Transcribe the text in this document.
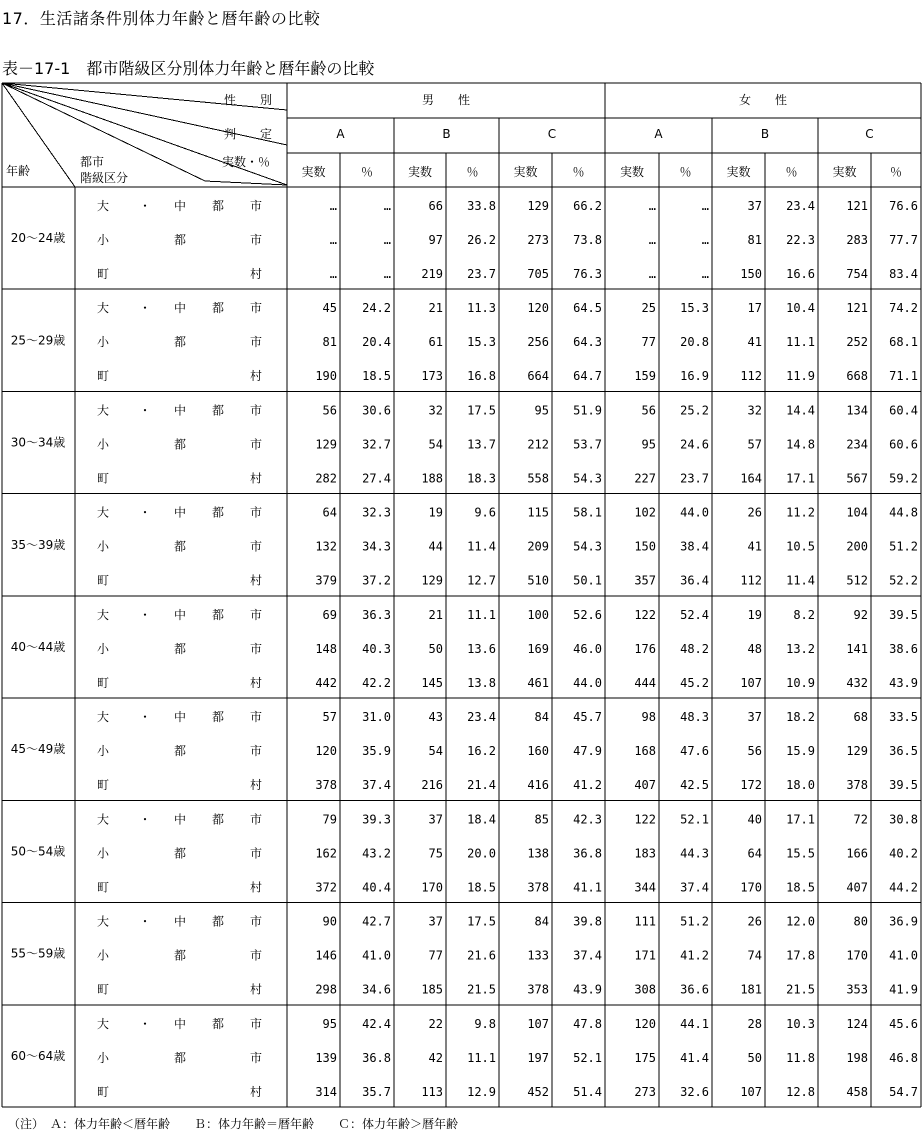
17．生活諸条件別体力年齢と暦年齢の比較
表－17-1　都市階級区分別体力年齢と暦年齢の比較
性　　別
判　　定
実数・％
都市
階級区分
年齢
男　　性	女　　性
A	B	C	A	B	C
実数	％	実数	％	実数	％	実数	％	実数	％	実数	％
20～24歳
大 ・ 中 都 市	…	…	66 33.8	129 66.2	…	…	37 23.4	121 76.6
小	都	市	…	…	97 26.2	273 73.8	…	…	81 22.3	283 77.7
町	村	…	…	219 23.7	705 76.3	…	…	150 16.6	754 83.4
25～29歳
大 ・ 中 都 市	45 24.2	21 11.3	120 64.5	25 15.3	17 10.4	121 74.2
小	都	市	81 20.4	61 15.3	256 64.3	77 20.8	41 11.1	252 68.1
町	村	190 18.5	173 16.8	664 64.7	159 16.9	112 11.9	668 71.1
30～34歳
大 ・ 中 都 市	56 30.6	32 17.5	95 51.9	56 25.2	32 14.4	134 60.4
小	都	市	129 32.7	54 13.7	212 53.7	95 24.6	57 14.8	234 60.6
町	村	282 27.4	188 18.3	558 54.3	227 23.7	164 17.1	567 59.2
35～39歳
大 ・ 中 都 市	64 32.3	19	9.6	115 58.1	102 44.0	26 11.2	104 44.8
小	都	市	132 34.3	44 11.4	209 54.3	150 38.4	41 10.5	200 51.2
町	村	379 37.2	129 12.7	510 50.1	357 36.4	112 11.4	512 52.2
40～44歳
大 ・ 中 都 市	69 36.3	21 11.1	100 52.6	122 52.4	19	8.2	92 39.5
小	都	市	148 40.3	50 13.6	169 46.0	176 48.2	48 13.2	141 38.6
町	村	442 42.2	145 13.8	461 44.0	444 45.2	107 10.9	432 43.9
45～49歳
大 ・ 中 都 市	57 31.0	43 23.4	84 45.7	98 48.3	37 18.2	68 33.5
小	都	市	120 35.9	54 16.2	160 47.9	168 47.6	56 15.9	129 36.5
町	村	378 37.4	216 21.4	416 41.2	407 42.5	172 18.0	378 39.5
50～54歳
大 ・ 中 都 市	79 39.3	37 18.4	85 42.3	122 52.1	40 17.1	72 30.8
小	都	市	162 43.2	75 20.0	138 36.8	183 44.3	64 15.5	166 40.2
町	村	372 40.4	170 18.5	378 41.1	344 37.4	170 18.5	407 44.2
55～59歳
大 ・ 中 都 市	90 42.7	37 17.5	84 39.8	111 51.2	26 12.0	80 36.9
小	都	市	146 41.0	77 21.6	133 37.4	171 41.2	74 17.8	170 41.0
町	村	298 34.6	185 21.5	378 43.9	308 36.6	181 21.5	353 41.9
60～64歳
大 ・ 中 都 市	95 42.4	22	9.8	107 47.8	120 44.1	28 10.3	124 45.6
小	都	市	139 36.8	42 11.1	197 52.1	175 41.4	50 11.8	198 46.8
町	村	314 35.7	113 12.9	452 51.4	273 32.6	107 12.8	458 54.7
（注）　Ａ：体力年齢＜暦年齢　　Ｂ：体力年齢＝暦年齢　　Ｃ：体力年齢＞暦年齢
